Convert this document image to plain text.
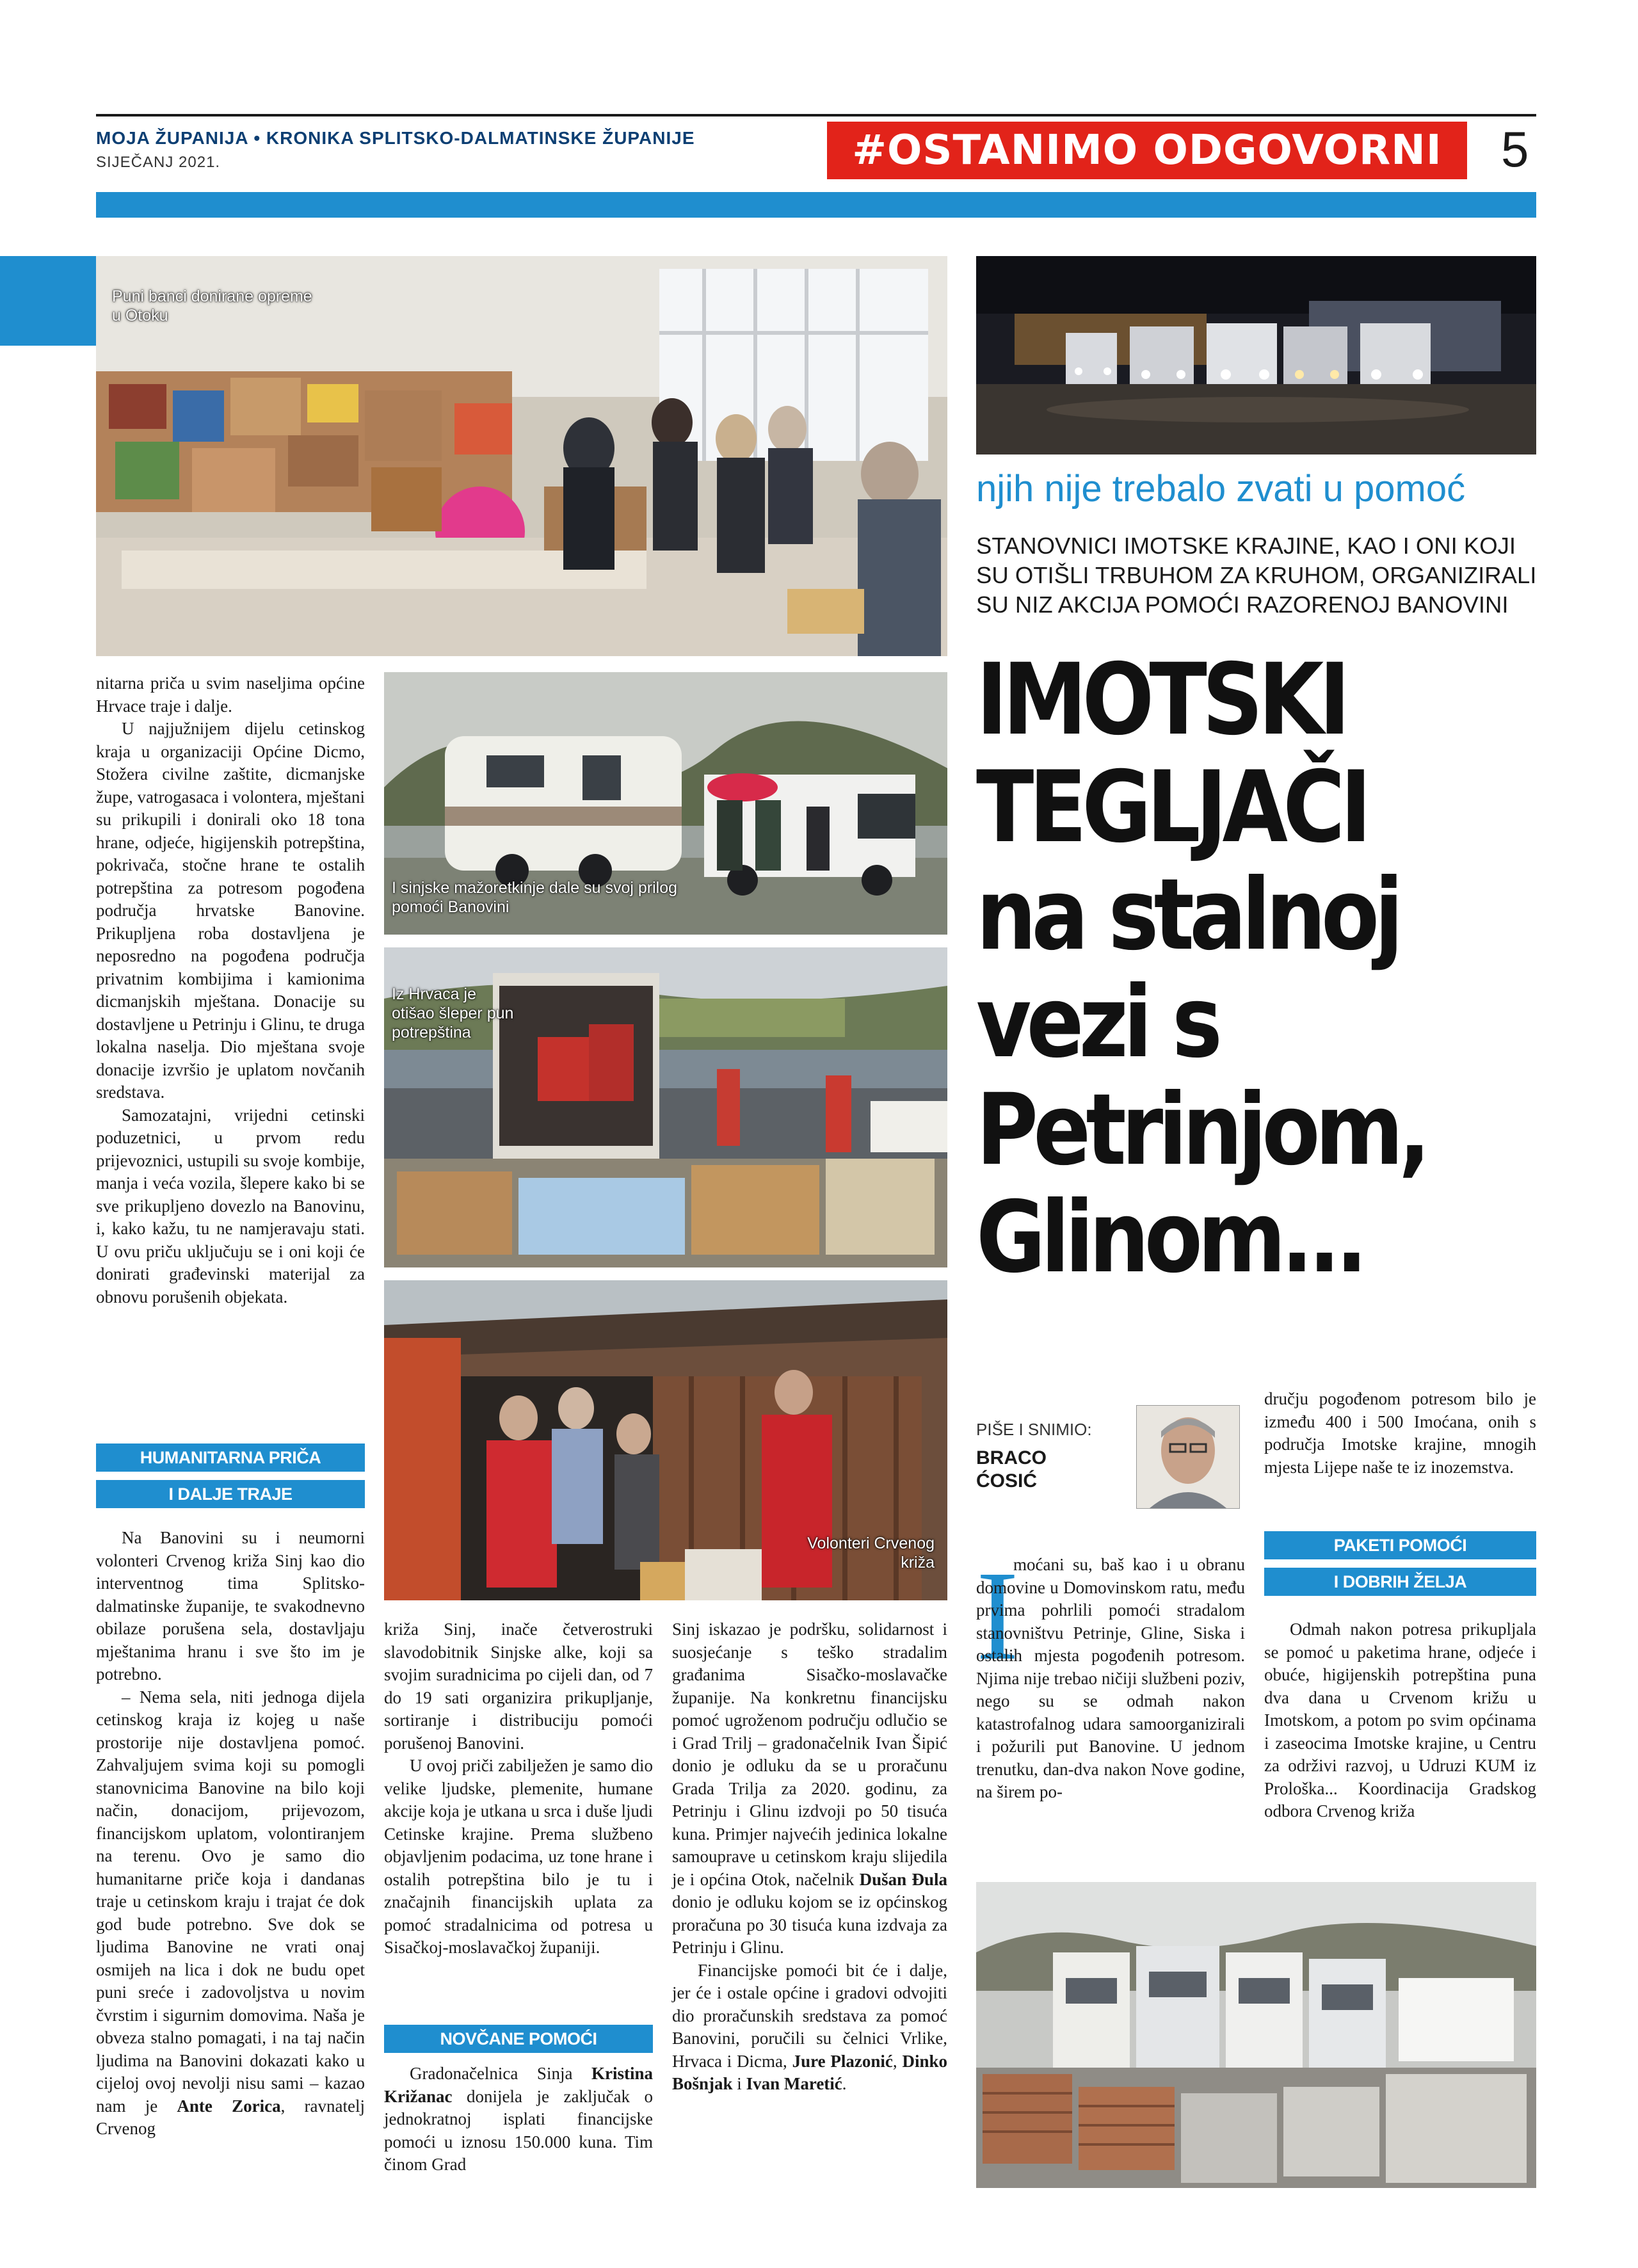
MOJA ŽUPANIJA • KRONIKA SPLITSKO-DALMATINSKE ŽUPANIJE
SIJEČANJ 2021.	#OSTANIMO ODGOVORNI	5
Puni banci donirane opreme u Otoku
njih nije trebalo zvati u pomoć
STANOVNICI IMOTSKE KRAJINE, KAO I ONI KOJI SU OTIŠLI TRBUHOM ZA KRUHOM, ORGANIZIRALI SU NIZ AKCIJA POMOĆI RAZORENOJ BANOVINI
IMOTSKI
TEGLJAČI
na stalnoj
vezi s
Petrinjom,
Glinom...

nitarna priča u svim naseljima općine Hrvace traje i dalje.

U najjužnijem dijelu cetinskog kraja u organizaciji Općine Dicmo, Stožera civilne zaštite, dicmanjske župe, vatrogasaca i volontera, mještani su prikupili i donirali oko 18 tona hrane, odjeće, higijenskih potrepština, pokrivača, stočne hrane te ostalih potrepština za potresom pogođena područja hrvatske Banovine. Prikupljena roba dostavljena je neposredno na pogođena područja privatnim kombijima i kamionima dicmanjskih mještana. Donacije su dostavljene u Petrinju i Glinu, te druga lokalna naselja. Dio mještana svoje donacije izvršio je uplatom novčanih sredstava.

Samozatajni, vrijedni cetinski poduzetnici, u prvom redu prijevoznici, ustupili su svoje kombije, manja i veća vozila, šlepere kako bi se sve prikupljeno dovezlo na Banovinu, i, kako kažu, tu ne namjeravaju stati. U ovu priču uključuju se i oni koji će donirati građevinski materijal za obnovu porušenih objekata.

I sinjske mažoretkinje dale su svoj prilog pomoći Banovini
Iz Hrvaca je otišao šleper pun potrepština
Volonteri Crvenog križa
HUMANITARNA PRIČA
I DALJE TRAJE

Na Banovini su i neumorni volonteri Crvenog križa Sinj kao dio interventnog tima Splitsko-dalmatinske županije, te svakodnevno obilaze porušena sela, dostavljaju mještanima hranu i sve što im je potrebno.

– Nema sela, niti jednoga dijela cetinskog kraja iz kojeg u naše prostorije nije dostavljena pomoć. Zahvaljujem svima koji su pomogli stanovnicima Banovine na bilo koji način, donacijom, prijevozom, financijskom uplatom, volontiranjem na terenu. Ovo je samo dio humanitarne priče koja i dandanas traje u cetinskom kraju i trajat će dok god bude potrebno. Sve dok se ljudima Banovine ne vrati onaj osmijeh na lica i dok ne budu opet puni sreće i zadovoljstva u novim čvrstim i sigurnim domovima. Naša je obveza stalno pomagati, i na taj način ljudima na Banovini dokazati kako u cijeloj ovoj nevolji nisu sami – kazao nam je Ante Zorica, ravnatelj Crvenog

križa Sinj, inače četverostruki slavodobitnik Sinjske alke, koji sa svojim suradnicima po cijeli dan, od 7 do 19 sati organizira prikupljanje, sortiranje i distribuciju pomoći porušenoj Banovini.

U ovoj priči zabilježen je samo dio velike ljudske, plemenite, humane akcije koja je utkana u srca i duše ljudi Cetinske krajine. Prema službeno objavljenim podacima, uz tone hrane i ostalih potrepština bilo je tu i značajnih financijskih uplata za pomoć stradalnicima od potresa u Sisačkoj-moslavačkoj županiji.

NOVČANE POMOĆI

Gradonačelnica Sinja Kristina Križanac donijela je zaključak o jednokratnoj isplati financijske pomoći u iznosu 150.000 kuna. Tim činom Grad

Sinj iskazao je podršku, solidarnost i suosjećanje s teško stradalim građanima Sisačko-moslavačke županije. Na konkretnu financijsku pomoć ugroženom području odlučio se i Grad Trilj – gradonačelnik Ivan Šipić donio je odluku da se u proračunu Grada Trilja za 2020. godinu, za Petrinju i Glinu izdvoji po 50 tisuća kuna. Primjer najvećih jedinica lokalne samouprave u cetinskom kraju slijedila je i općina Otok, načelnik Dušan Đula donio je odluku kojom se iz općinskog proračuna po 30 tisuća kuna izdvaja za Petrinju i Glinu.

Financijske pomoći bit će i dalje, jer će i ostale općine i gradovi odvojiti dio proračunskih sredstava za pomoć Banovini, poručili su čelnici Vrlike, Hrvaca i Dicma, Jure Plazonić, Dinko Bošnjak i Ivan Maretić.

PIŠE I SNIMIO:
BRACO
ĆOSIĆ
I

moćani su, baš kao i u obranu domovine u Domovinskom ratu, među prvima pohrlili pomoći stradalom stanovništvu Petrinje, Gline, Siska i ostalih mjesta pogođenih potresom. Njima nije trebao ničiji službeni poziv, nego su se odmah nakon katastrofalnog udara samoorganizirali i požurili put Banovine. U jednom trenutku, dan-dva nakon Nove godine, na širem po-

dručju pogođenom potresom bilo je između 400 i 500 Imoćana, onih s područja Imotske krajine, mnogih mjesta Lijepe naše te iz inozemstva.

PAKETI POMOĆI
I DOBRIH ŽELJA

Odmah nakon potresa prikupljala se pomoć u paketima hrane, odjeće i obuće, higijenskih potrepština puna dva dana u Crvenom križu u Imotskom, a potom po svim općinama i zaseocima Imotske krajine, u Centru za održivi razvoj, u Udruzi KUM iz Prološka... Koordinacija Gradskog odbora Crvenog križa
